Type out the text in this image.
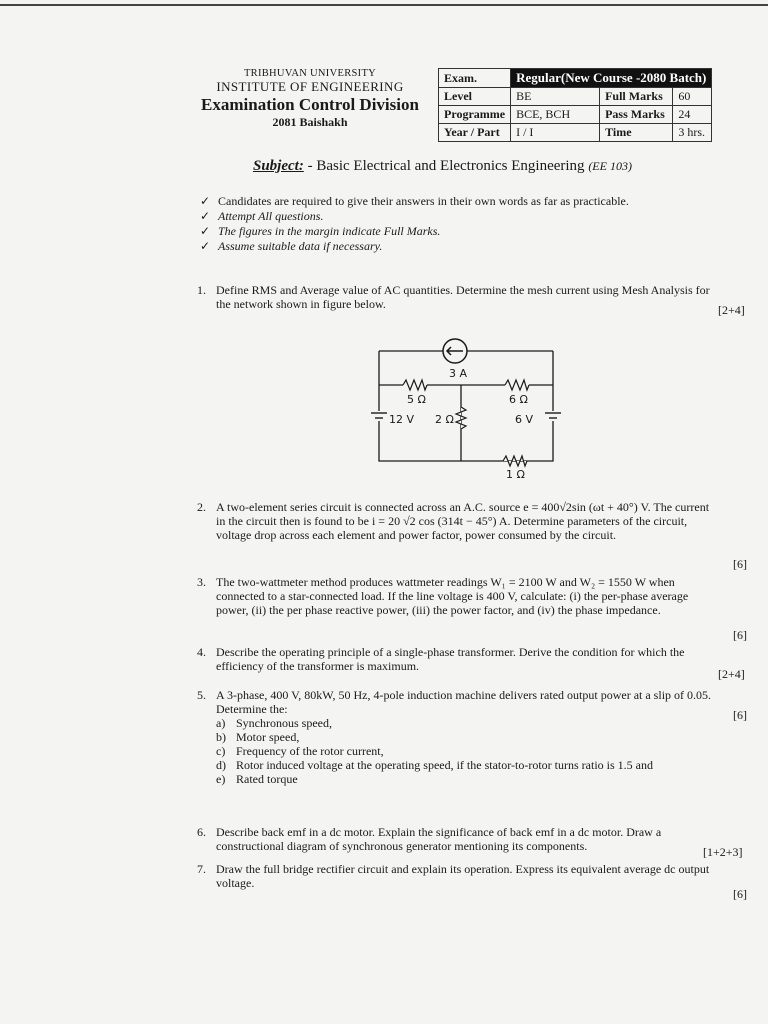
TRIBHUVAN UNIVERSITY
INSTITUTE OF ENGINEERING
Examination Control Division
2081 Baishakh
Exam.	Regular(New Course -2080 Batch)		
Level	BE	Full Marks	60
Programme	BCE, BCH	Pass Marks	24
Year / Part	I / I	Time	3 hrs.
Subject: - Basic Electrical and Electronics Engineering (EE 103)
✓ Candidates are required to give their answers in their own words as far as practicable.
✓ Attempt All questions.
✓ The figures in the margin indicate Full Marks.
✓ Assume suitable data if necessary.
1. Define RMS and Average value of AC quantities. Determine the mesh current using Mesh Analysis for the network shown in figure below.	[2+4]
3 A
5 Ω	6 Ω
2 Ω
1 Ω
12 V	6 V
2. A two-element series circuit is connected across an A.C. source e = 400√2sin (ωt + 40°) V. The current in the circuit then is found to be i = 20 √2 cos (314t − 45°) A. Determine parameters of the circuit, voltage drop across each element and power factor, power consumed by the circuit.
[6]
3. The two-wattmeter method produces wattmeter readings W₁ = 2100 W and W₂ = 1550 W when connected to a star-connected load. If the line voltage is 400 V, calculate: (i) the per-phase average power, (ii) the per phase reactive power, (iii) the power factor, and (iv) the phase impedance.
[6]
4. Describe the operating principle of a single-phase transformer. Derive the condition for which the efficiency of the transformer is maximum.
[2+4]
5. A 3-phase, 400 V, 80kW, 50 Hz, 4-pole induction machine delivers rated output power at a slip of 0.05. Determine the:
a) Synchronous speed,
b) Motor speed,
c) Frequency of the rotor current,
d) Rotor induced voltage at the operating speed, if the stator-to-rotor turns ratio is 1.5 and
e) Rated torque
[6]
6. Describe back emf in a dc motor. Explain the significance of back emf in a dc motor. Draw a constructional diagram of synchronous generator mentioning its components.	[1+2+3]
7. Draw the full bridge rectifier circuit and explain its operation. Express its equivalent average dc output voltage.
[6]
